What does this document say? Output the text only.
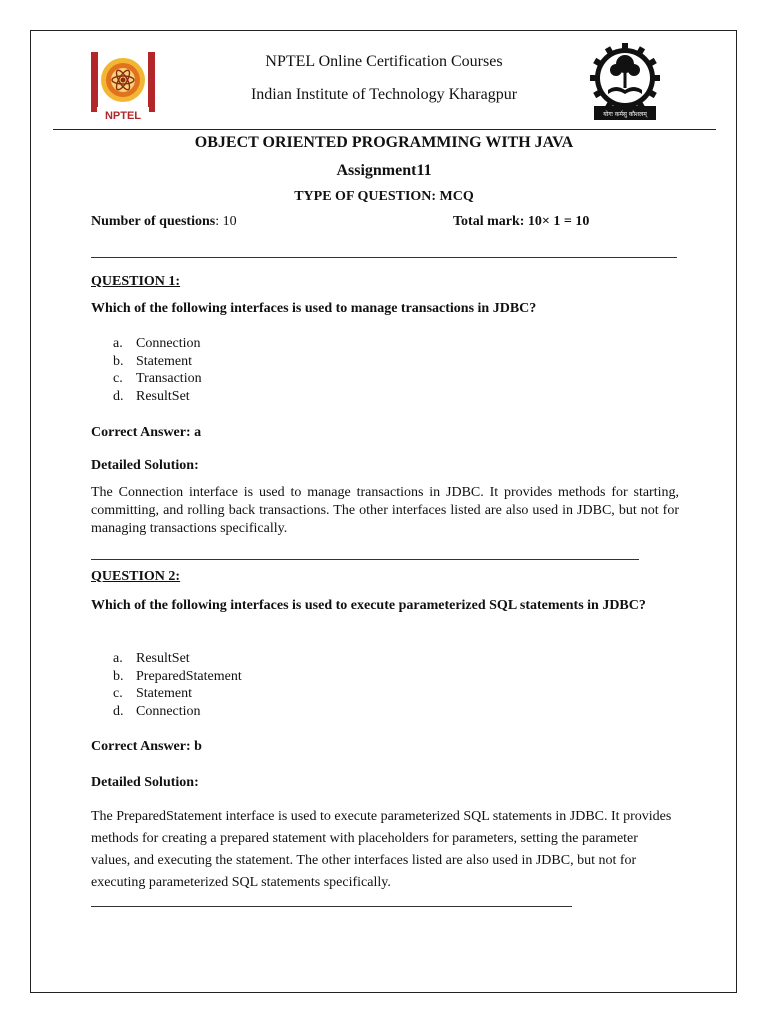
NPTEL	योगः कर्मसु कौशलम्
NPTEL Online Certification Courses
Indian Institute of Technology Kharagpur
OBJECT ORIENTED PROGRAMMING WITH JAVA
Assignment11
TYPE OF QUESTION: MCQ
Number of questions: 10	Total mark: 10× 1 = 10
QUESTION 1:
Which of the following interfaces is used to manage transactions in JDBC?
a. Connection
b. Statement
c. Transaction
d. ResultSet
Correct Answer: a
Detailed Solution:
The Connection interface is used to manage transactions in JDBC. It provides methods for starting, committing, and rolling back transactions. The other interfaces listed are also used in JDBC, but not for managing transactions specifically.
QUESTION 2:
Which of the following interfaces is used to execute parameterized SQL statements in JDBC?
a. ResultSet
b. PreparedStatement
c. Statement
d. Connection
Correct Answer: b
Detailed Solution:
The PreparedStatement interface is used to execute parameterized SQL statements in JDBC. It provides methods for creating a prepared statement with placeholders for parameters, setting the parameter values, and executing the statement. The other interfaces listed are also used in JDBC, but not for executing parameterized SQL statements specifically.
